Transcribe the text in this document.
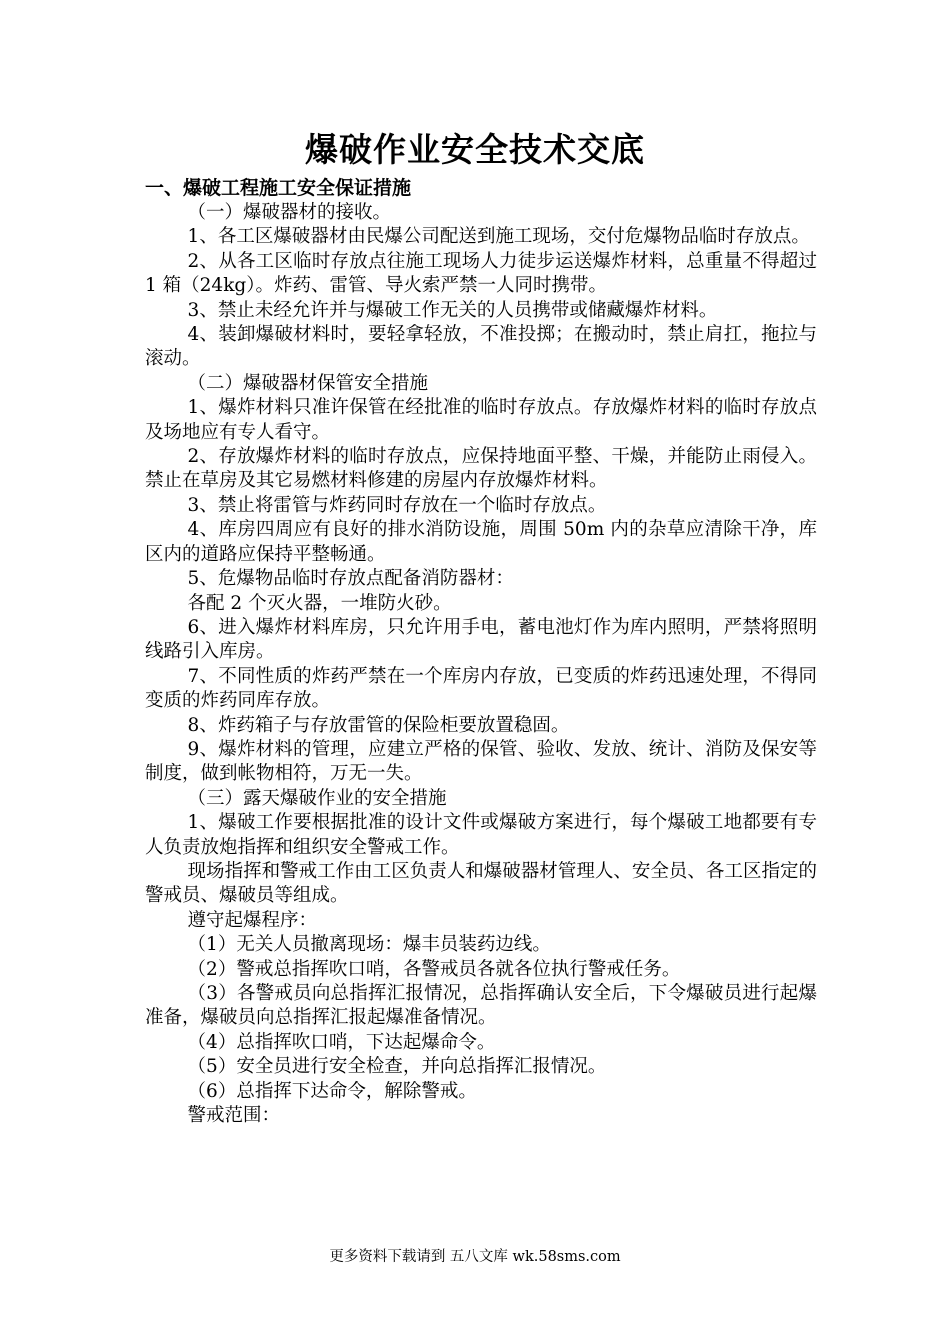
爆破作业安全技术交底

一、爆破工程施工安全保证措施

（一）爆破器材的接收。

1、各工区爆破器材由民爆公司配送到施工现场，交付危爆物品临时存放点。

2、从各工区临时存放点往施工现场人力徒步运送爆炸材料，总重量不得超过 1 箱（24kg）。炸药、雷管、导火索严禁一人同时携带。

3、禁止未经允许并与爆破工作无关的人员携带或储藏爆炸材料。

4、装卸爆破材料时，要轻拿轻放，不准投掷；在搬动时，禁止肩扛，拖拉与滚动。

（二）爆破器材保管安全措施

1、爆炸材料只准许保管在经批准的临时存放点。存放爆炸材料的临时存放点及场地应有专人看守。

2、存放爆炸材料的临时存放点，应保持地面平整、干燥，并能防止雨侵入。禁止在草房及其它易燃材料修建的房屋内存放爆炸材料。

3、禁止将雷管与炸药同时存放在一个临时存放点。

4、库房四周应有良好的排水消防设施，周围 50m 内的杂草应清除干净，库区内的道路应保持平整畅通。

5、危爆物品临时存放点配备消防器材：

各配 2 个灭火器，一堆防火砂。

6、进入爆炸材料库房，只允许用手电，蓄电池灯作为库内照明，严禁将照明线路引入库房。

7、不同性质的炸药严禁在一个库房内存放，已变质的炸药迅速处理，不得同变质的炸药同库存放。

8、炸药箱子与存放雷管的保险柜要放置稳固。

9、爆炸材料的管理，应建立严格的保管、验收、发放、统计、消防及保安等制度，做到帐物相符，万无一失。

（三）露天爆破作业的安全措施

1、爆破工作要根据批准的设计文件或爆破方案进行，每个爆破工地都要有专人负责放炮指挥和组织安全警戒工作。

现场指挥和警戒工作由工区负责人和爆破器材管理人、安全员、各工区指定的警戒员、爆破员等组成。

遵守起爆程序：

（1）无关人员撤离现场：爆丰员装药边线。

（2）警戒总指挥吹口哨，各警戒员各就各位执行警戒任务。

（3）各警戒员向总指挥汇报情况，总指挥确认安全后，下令爆破员进行起爆准备，爆破员向总指挥汇报起爆准备情况。

（4）总指挥吹口哨，下达起爆命令。

（5）安全员进行安全检查，并向总指挥汇报情况。

（6）总指挥下达命令，解除警戒。

警戒范围：

更多资料下载请到 五八文库 wk.58sms.com
